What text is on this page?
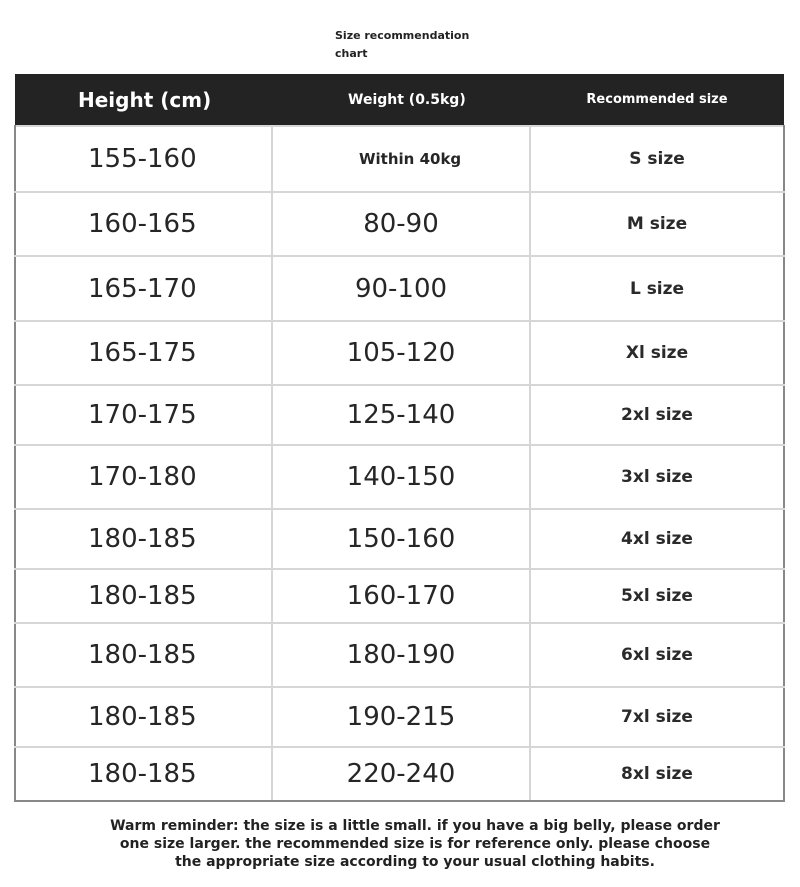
Size recommendation chart
Height (cm)	Weight (0.5kg)	Recommended size
155-160	Within 40kg	S size
160-165	80-90	M size
165-170	90-100	L size
165-175	105-120	Xl size
170-175	125-140	2xl size
170-180	140-150	3xl size
180-185	150-160	4xl size
180-185	160-170	5xl size
180-185	180-190	6xl size
180-185	190-215	7xl size
180-185	220-240	8xl size
Warm reminder: the size is a little small. if you have a big belly, please order one size larger. the recommended size is for reference only. please choose the appropriate size according to your usual clothing habits.
